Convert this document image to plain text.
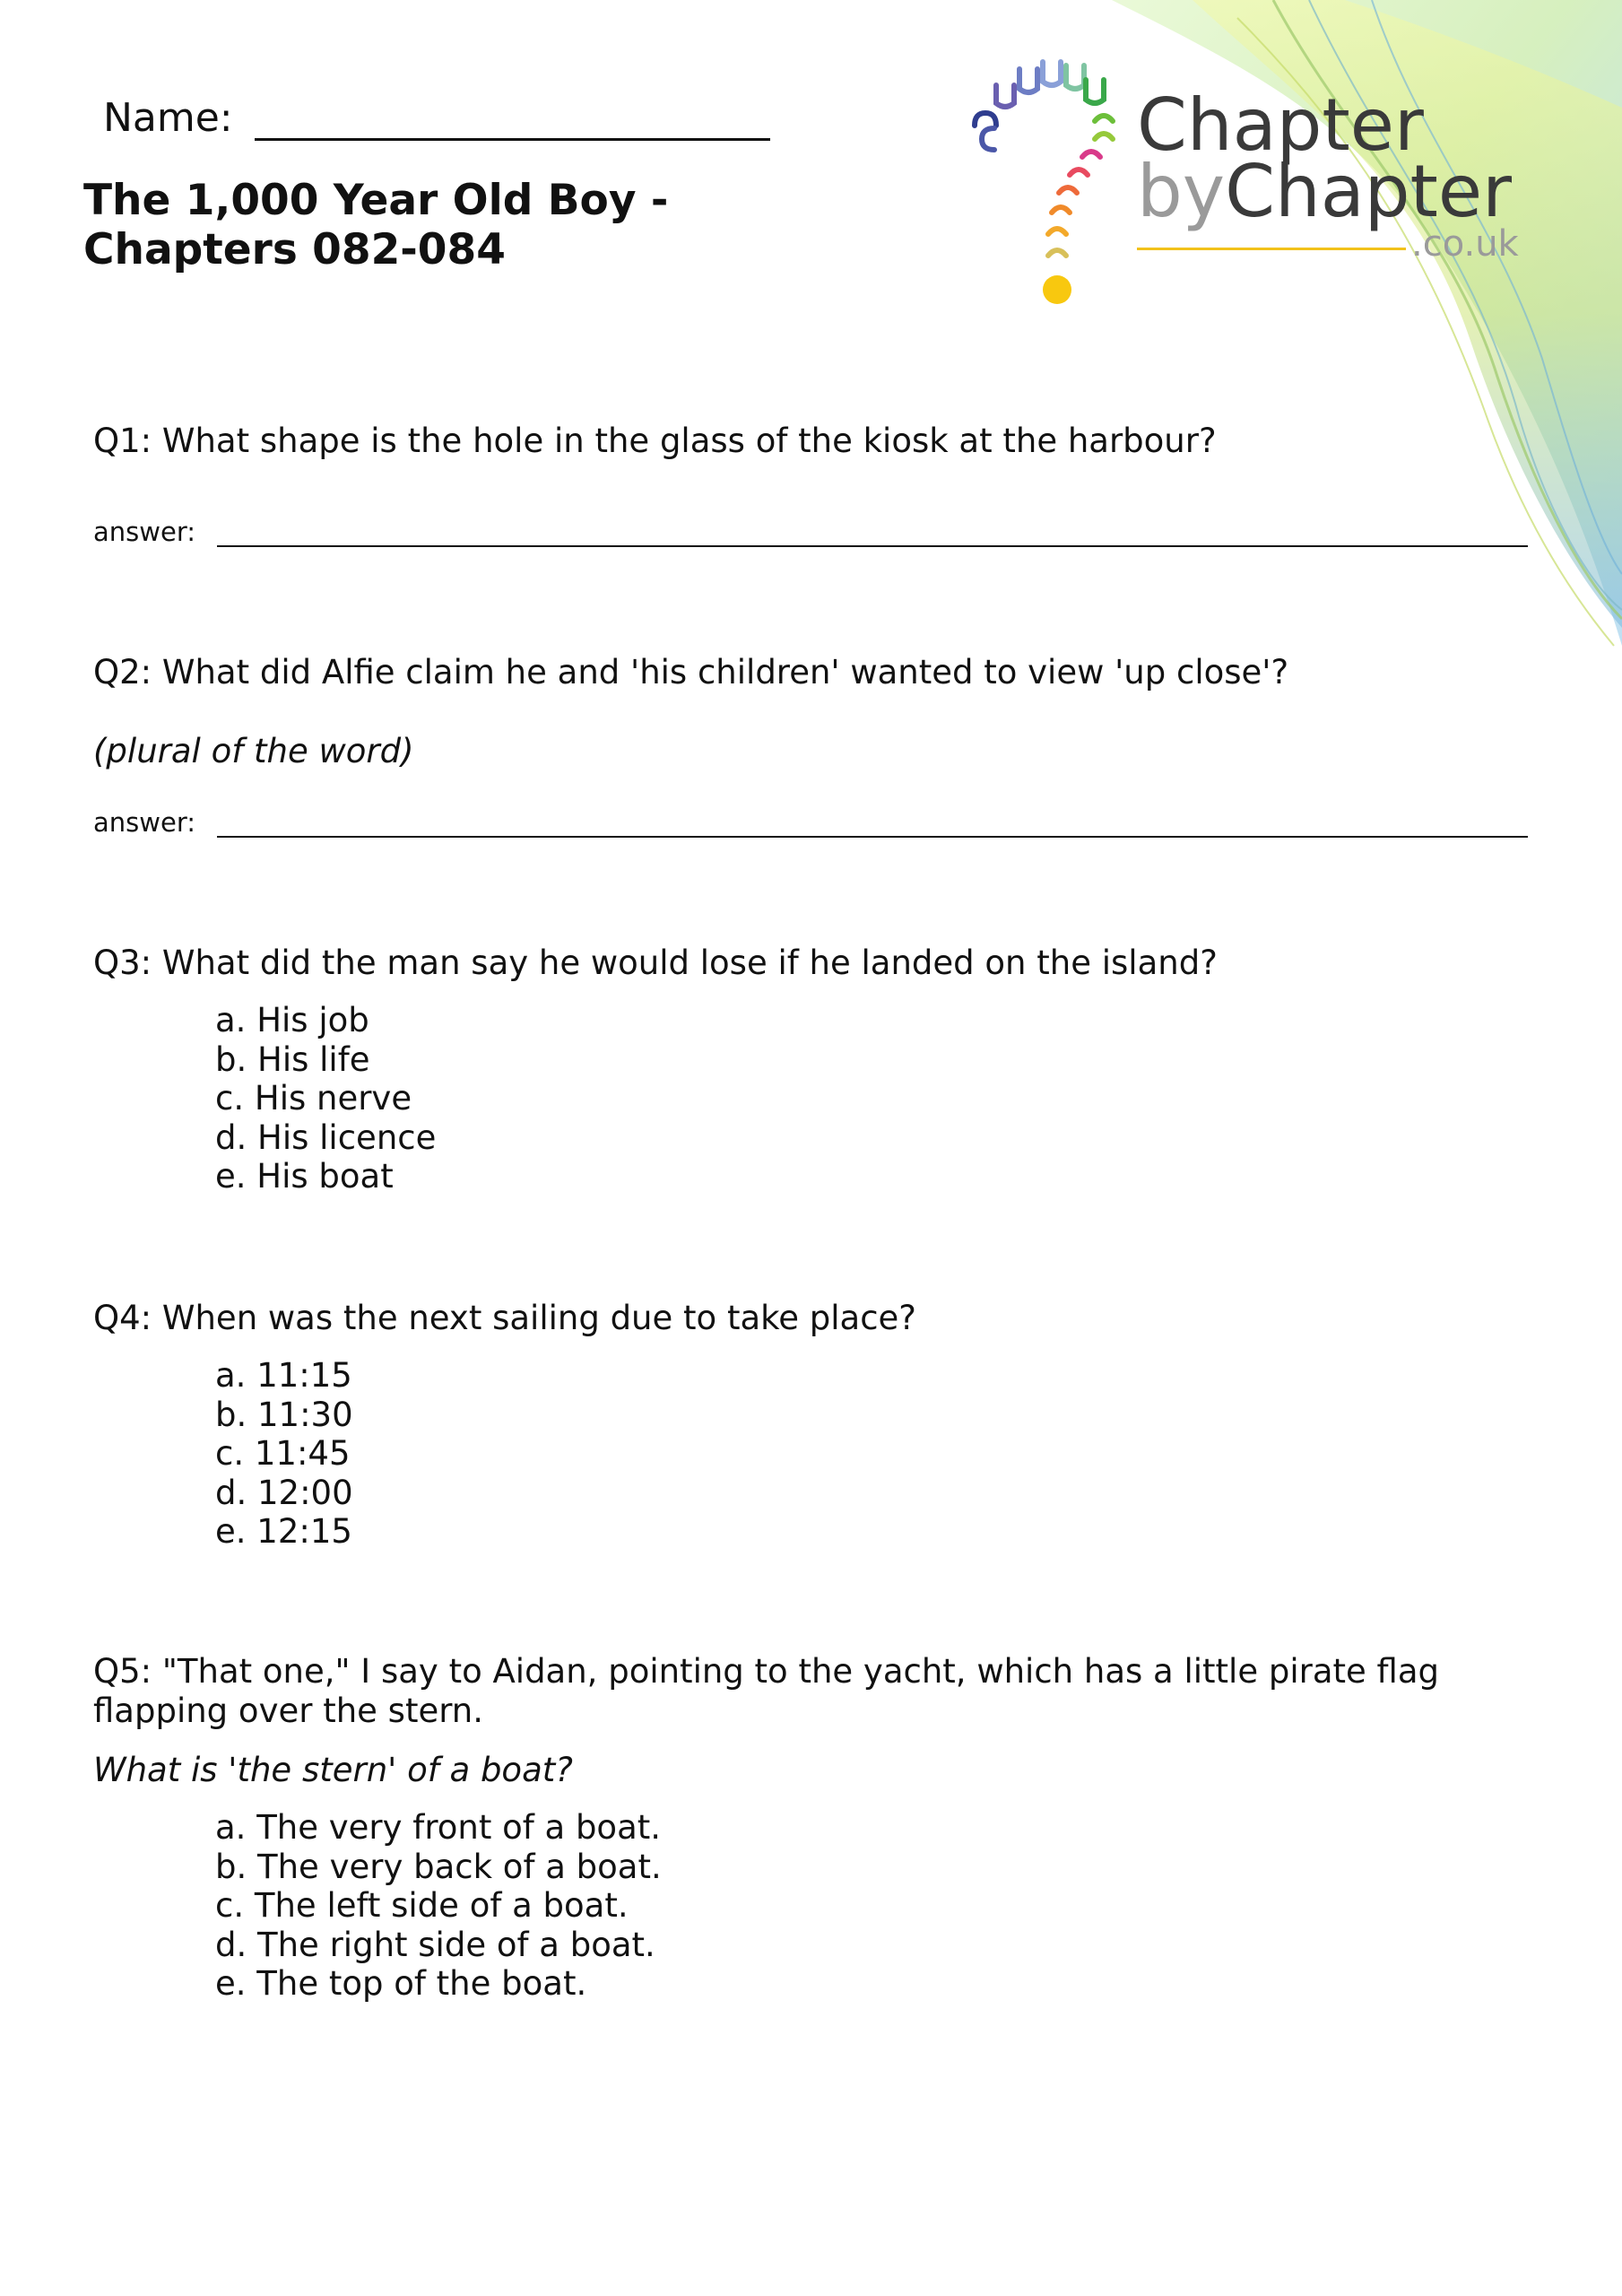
Name:
The 1,000 Year Old Boy -
Chapters 082-084
Chapter
byChapter
.co.uk
Q1: What shape is the hole in the glass of the kiosk at the harbour?
answer:
Q2: What did Alfie claim he and 'his children' wanted to view 'up close'?
(plural of the word)
answer:
Q3: What did the man say he would lose if he landed on the island?
a. His job
b. His life
c. His nerve
d. His licence
e. His boat
Q4: When was the next sailing due to take place?
a. 11:15
b. 11:30
c. 11:45
d. 12:00
e. 12:15
Q5: "That one," I say to Aidan, pointing to the yacht, which has a little pirate flag
flapping over the stern.
What is 'the stern' of a boat?
a. The very front of a boat.
b. The very back of a boat.
c. The left side of a boat.
d. The right side of a boat.
e. The top of the boat.
